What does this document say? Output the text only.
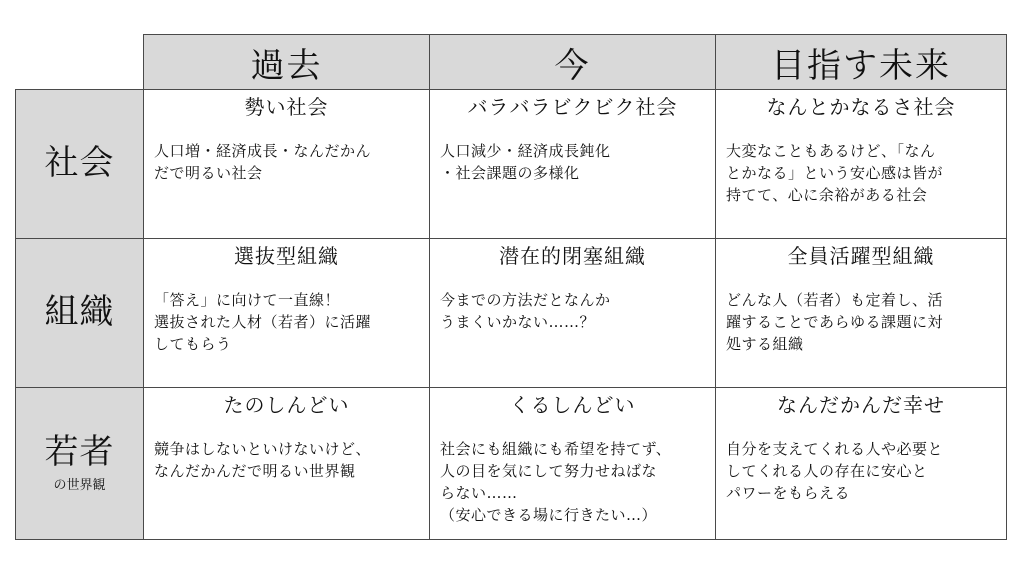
過去	今	目指す未来
社会
勢い社会
人口増・経済成長・なんだかん
だで明るい社会
バラバラビクビク社会
人口減少・経済成長鈍化
・社会課題の多様化
なんとかなるさ社会
大変なこともあるけど、「なん
とかなる」という安心感は皆が
持てて、心に余裕がある社会
組織
選抜型組織
「答え」に向けて一直線！
選抜された人材（若者）に活躍
してもらう
潜在的閉塞組織
今までの方法だとなんか
うまくいかない……？
全員活躍型組織
どんな人（若者）も定着し、活
躍することであらゆる課題に対
処する組織
若者
の世界観
たのしんどい
競争はしないといけないけど、
なんだかんだで明るい世界観
くるしんどい
社会にも組織にも希望を持てず、
人の目を気にして努力せねばな
らない……
（安心できる場に行きたい…）
なんだかんだ幸せ
自分を支えてくれる人や必要と
してくれる人の存在に安心と
パワーをもらえる
